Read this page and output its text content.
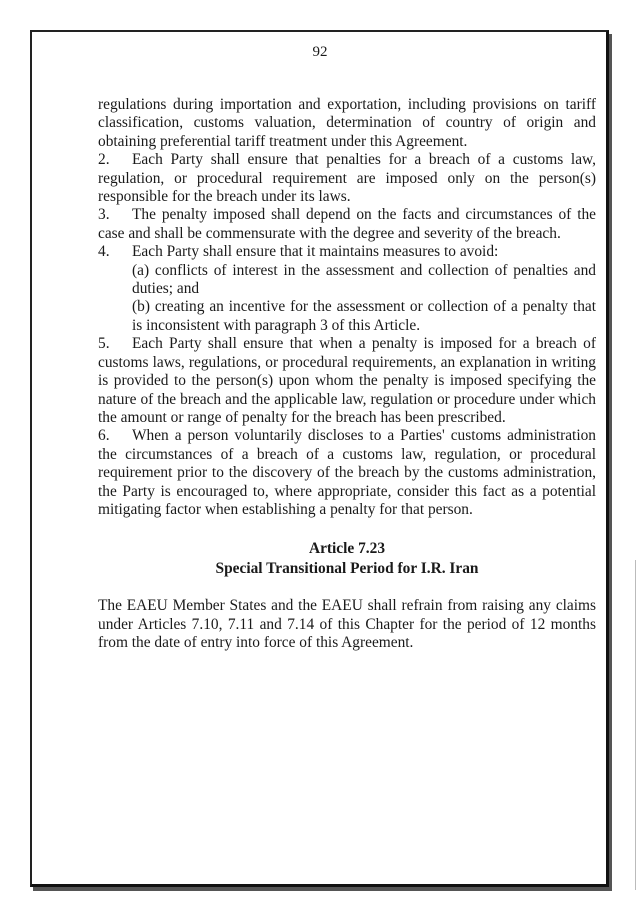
92

regulations during importation and exportation, including provisions on tariff classification, customs valuation, determination of country of origin and obtaining preferential tariff treatment under this Agreement.

2. Each Party shall ensure that penalties for a breach of a customs law, regulation, or procedural requirement are imposed only on the person(s) responsible for the breach under its laws.

3. The penalty imposed shall depend on the facts and circumstances of the case and shall be commensurate with the degree and severity of the breach.

4. Each Party shall ensure that it maintains measures to avoid:

(a) conflicts of interest in the assessment and collection of penalties and duties; and

(b) creating an incentive for the assessment or collection of a penalty that is inconsistent with paragraph 3 of this Article.

5. Each Party shall ensure that when a penalty is imposed for a breach of customs laws, regulations, or procedural requirements, an explanation in writing is provided to the person(s) upon whom the penalty is imposed specifying the nature of the breach and the applicable law, regulation or procedure under which the amount or range of penalty for the breach has been prescribed.

6. When a person voluntarily discloses to a Parties' customs administration the circumstances of a breach of a customs law, regulation, or procedural requirement prior to the discovery of the breach by the customs administration, the Party is encouraged to, where appropriate, consider this fact as a potential mitigating factor when establishing a penalty for that person.

Article 7.23
Special Transitional Period for I.R. Iran

The EAEU Member States and the EAEU shall refrain from raising any claims under Articles 7.10, 7.11 and 7.14 of this Chapter for the period of 12 months from the date of entry into force of this Agreement.
